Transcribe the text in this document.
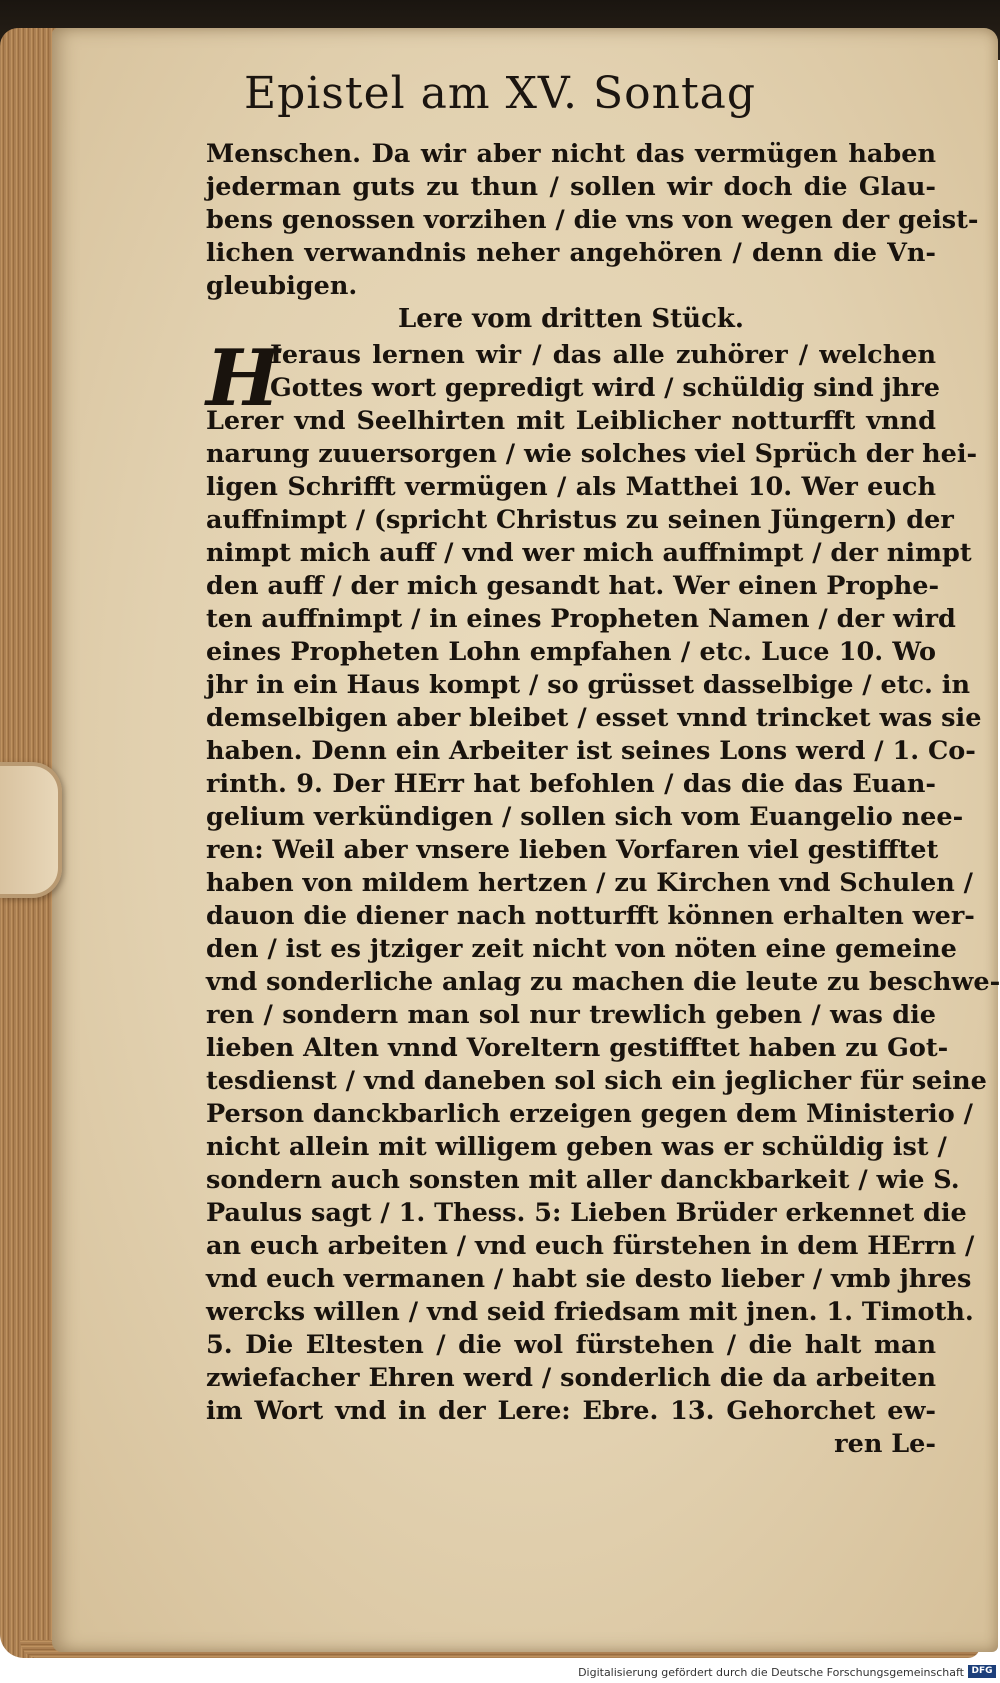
Epistel am XV. Sontag
Menschen. Da wir aber nicht das vermügen haben
jederman guts zu thun / sollen wir doch die Glau-
bens genossen vorzihen / die vns von wegen der geist-
lichen verwandnis neher angehören / denn die Vn-
gleubigen.
Lere vom dritten Stück.
Ieraus lernen wir / das alle zuhörer / welchen
Gottes wort gepredigt wird / schüldig sind jhre
Lerer vnd Seelhirten mit Leiblicher notturfft vnnd
narung zuuersorgen / wie solches viel Sprüch der hei-
ligen Schrifft vermügen / als Matthei 10. Wer euch
auffnimpt / (spricht Christus zu seinen Jüngern) der
nimpt mich auff / vnd wer mich auffnimpt / der nimpt
den auff / der mich gesandt hat. Wer einen Prophe-
ten auffnimpt / in eines Propheten Namen / der wird
eines Propheten Lohn empfahen / etc. Luce 10. Wo
jhr in ein Haus kompt / so grüsset dasselbige / etc. in
demselbigen aber bleibet / esset vnnd trincket was sie
haben. Denn ein Arbeiter ist seines Lons werd / 1. Co-
rinth. 9. Der HErr hat befohlen / das die das Euan-
gelium verkündigen / sollen sich vom Euangelio nee-
ren: Weil aber vnsere lieben Vorfaren viel gestifftet
haben von mildem hertzen / zu Kirchen vnd Schulen /
dauon die diener nach notturfft können erhalten wer-
den / ist es jtziger zeit nicht von nöten eine gemeine
vnd sonderliche anlag zu machen die leute zu beschwe-
ren / sondern man sol nur trewlich geben / was die
lieben Alten vnnd Voreltern gestifftet haben zu Got-
tesdienst / vnd daneben sol sich ein jeglicher für seine
Person danckbarlich erzeigen gegen dem Ministerio /
nicht allein mit willigem geben was er schüldig ist /
sondern auch sonsten mit aller danckbarkeit / wie S.
Paulus sagt / 1. Thess. 5: Lieben Brüder erkennet die
an euch arbeiten / vnd euch fürstehen in dem HErrn /
vnd euch vermanen / habt sie desto lieber / vmb jhres
wercks willen / vnd seid friedsam mit jnen. 1. Timoth.
5. Die Eltesten / die wol fürstehen / die halt man
zwiefacher Ehren werd / sonderlich die da arbeiten
im Wort vnd in der Lere: Ebre. 13. Gehorchet ew-
ren Le-
H
Digitalisierung gefördert durch die Deutsche Forschungsgemeinschaft DFG
